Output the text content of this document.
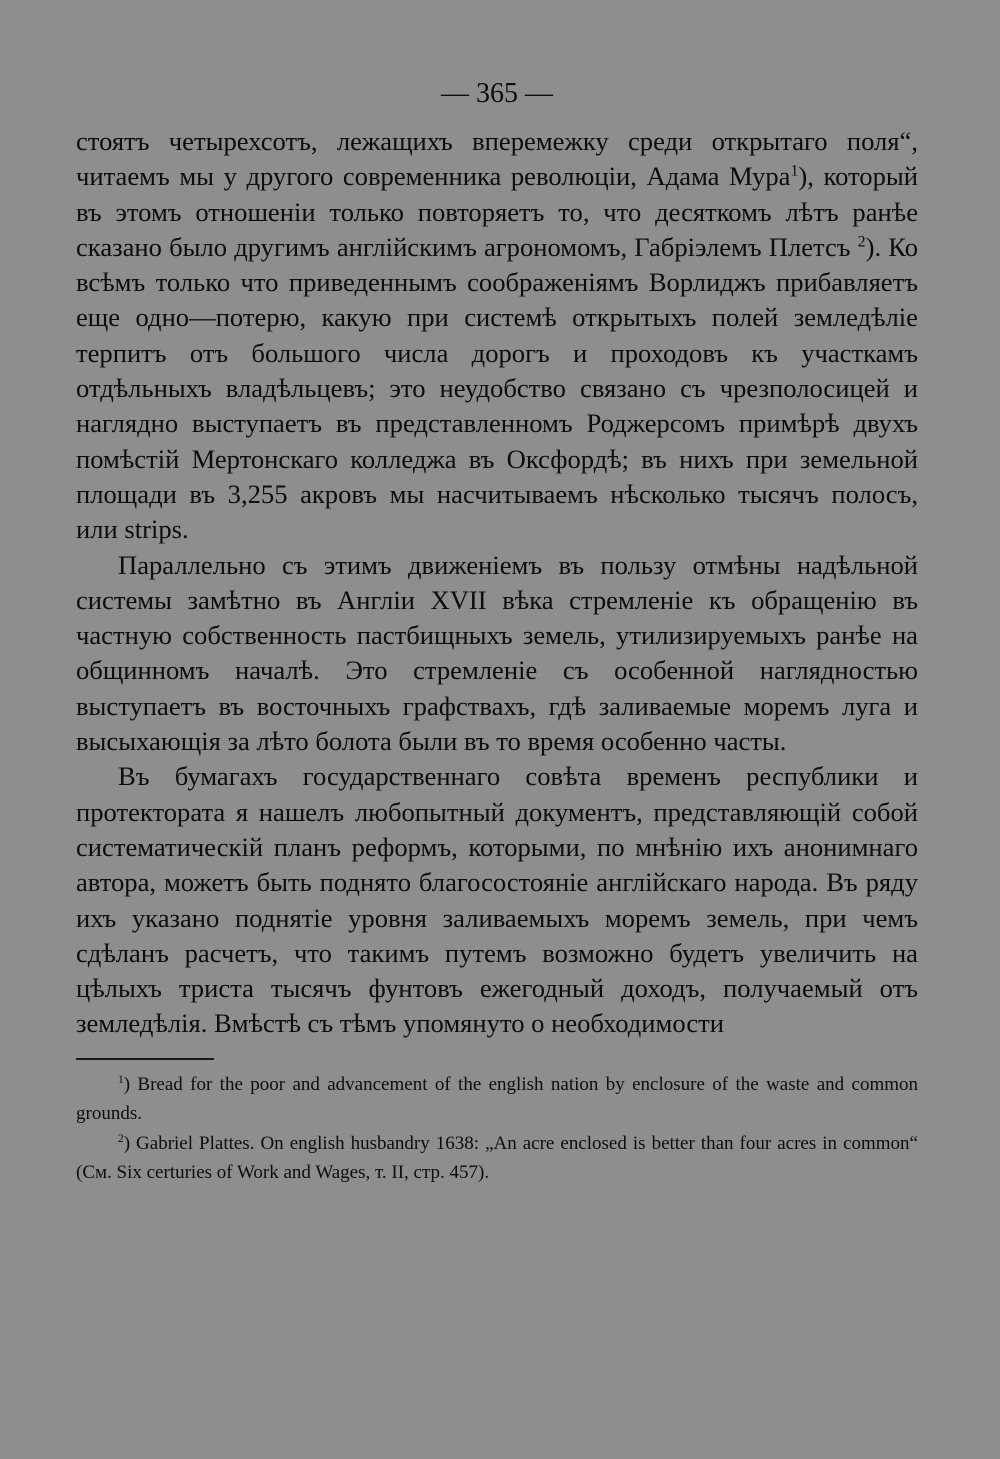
— 365 —

стоятъ четырехсотъ, лежащихъ вперемежку среди открытаго поля“, читаемъ мы у другого современника революціи, Адама Мура$^1$), который въ этомъ отношеніи только повторяетъ то, что десяткомъ лѣтъ ранѣе сказано было другимъ англійскимъ агрономомъ, Габріэлемъ Плетсъ $^2$). Ко всѣмъ только что приведеннымъ соображеніямъ Ворлиджъ прибавляетъ еще одно—потерю, какую при системѣ открытыхъ полей земледѣліе терпитъ отъ большого числа дорогъ и проходовъ къ участкамъ отдѣльныхъ владѣльцевъ; это неудобство связано съ чрезполосицей и наглядно выступаетъ въ представленномъ Роджерсомъ примѣрѣ двухъ помѣстій Мертонскаго колледжа въ Оксфордѣ; въ нихъ при земельной площади въ 3,255 акровъ мы насчитываемъ нѣсколько тысячъ полосъ, или strips.

Параллельно съ этимъ движеніемъ въ пользу отмѣны надѣльной системы замѣтно въ Англіи XVII вѣка стремленіе къ обращенію въ частную собственность пастбищныхъ земель, утилизируемыхъ ранѣе на общинномъ началѣ. Это стремленіе съ особенной наглядностью выступаетъ въ восточныхъ графствахъ, гдѣ заливаемые моремъ луга и высыхающія за лѣто болота были въ то время особенно часты.

Въ бумагахъ государственнаго совѣта временъ республики и протектората я нашелъ любопытный документъ, представляющій собой систематическій планъ реформъ, которыми, по мнѣнію ихъ анонимнаго автора, можетъ быть поднято благосостояніе англійскаго народа. Въ ряду ихъ указано поднятіе уровня заливаемыхъ моремъ земель, при чемъ сдѣланъ расчетъ, что такимъ путемъ возможно будетъ увеличить на цѣлыхъ триста тысячъ фунтовъ ежегодный доходъ, получаемый отъ земледѣлія. Вмѣстѣ съ тѣмъ упомянуто о необходимости

$^1$) Bread for the poor and advancement of the english nation by enclosure of the waste and common grounds.

$^2$) Gabriel Plattes. On english husbandry 1638: „An acre enclosed is better than four acres in common“ (См. Six certuries of Work and Wages, т. II, стр. 457).
